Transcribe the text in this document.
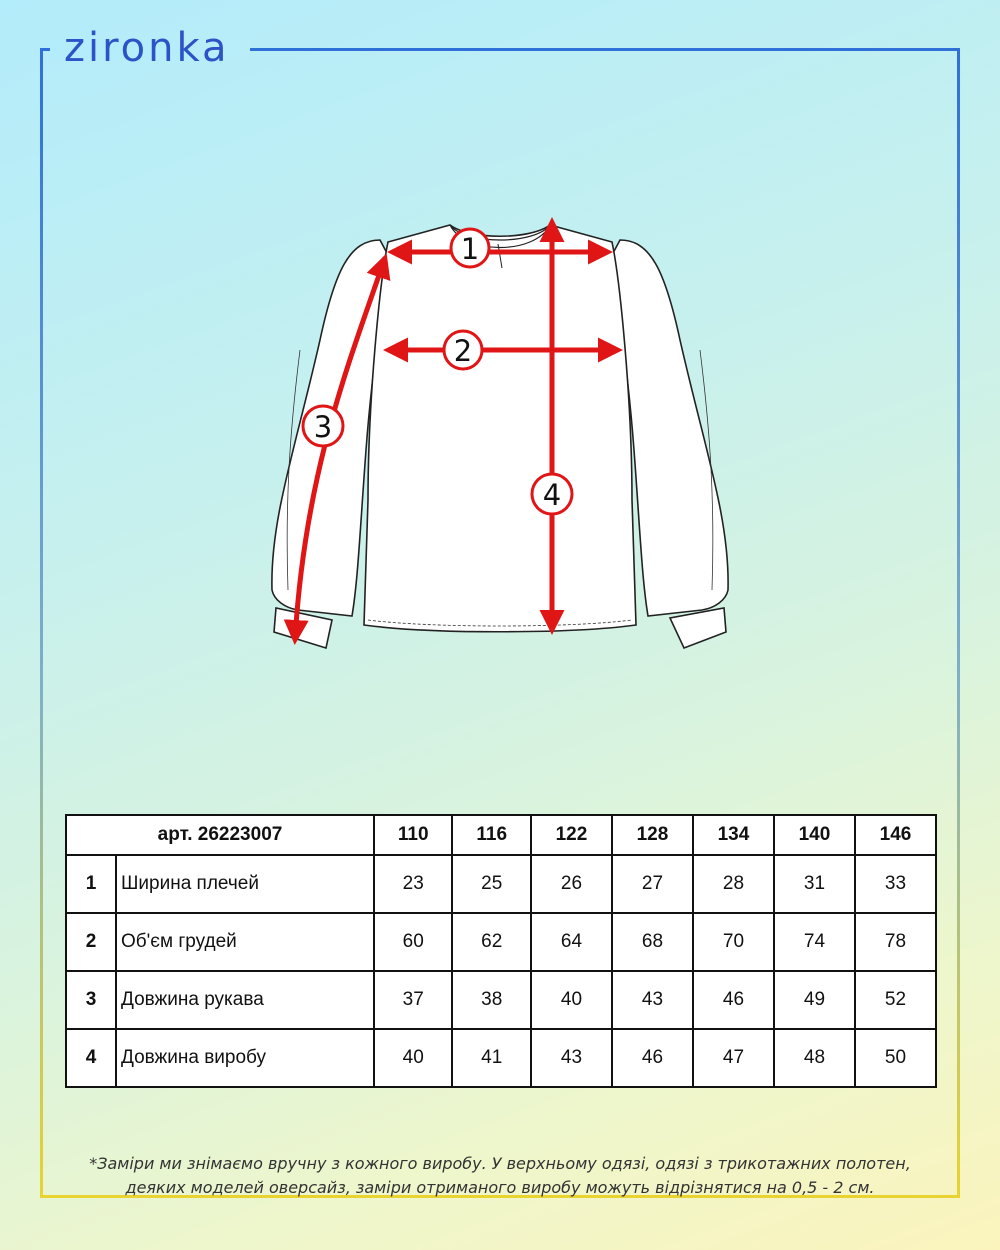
zironka
1
2
3
4
арт. 26223007		110	116	122	128	134	140	146
1	Ширина плечей	23	25	26	27	28	31	33
2	Об'єм грудей	60	62	64	68	70	74	78
3	Довжина рукава	37	38	40	43	46	49	52
4	Довжина виробу	40	41	43	46	47	48	50
*Заміри ми знімаємо вручну з кожного виробу. У верхньому одязі, одязі з трикотажних полотен,
деяких моделей оверсайз, заміри отриманого виробу можуть відрізнятися на 0,5 - 2 см.
